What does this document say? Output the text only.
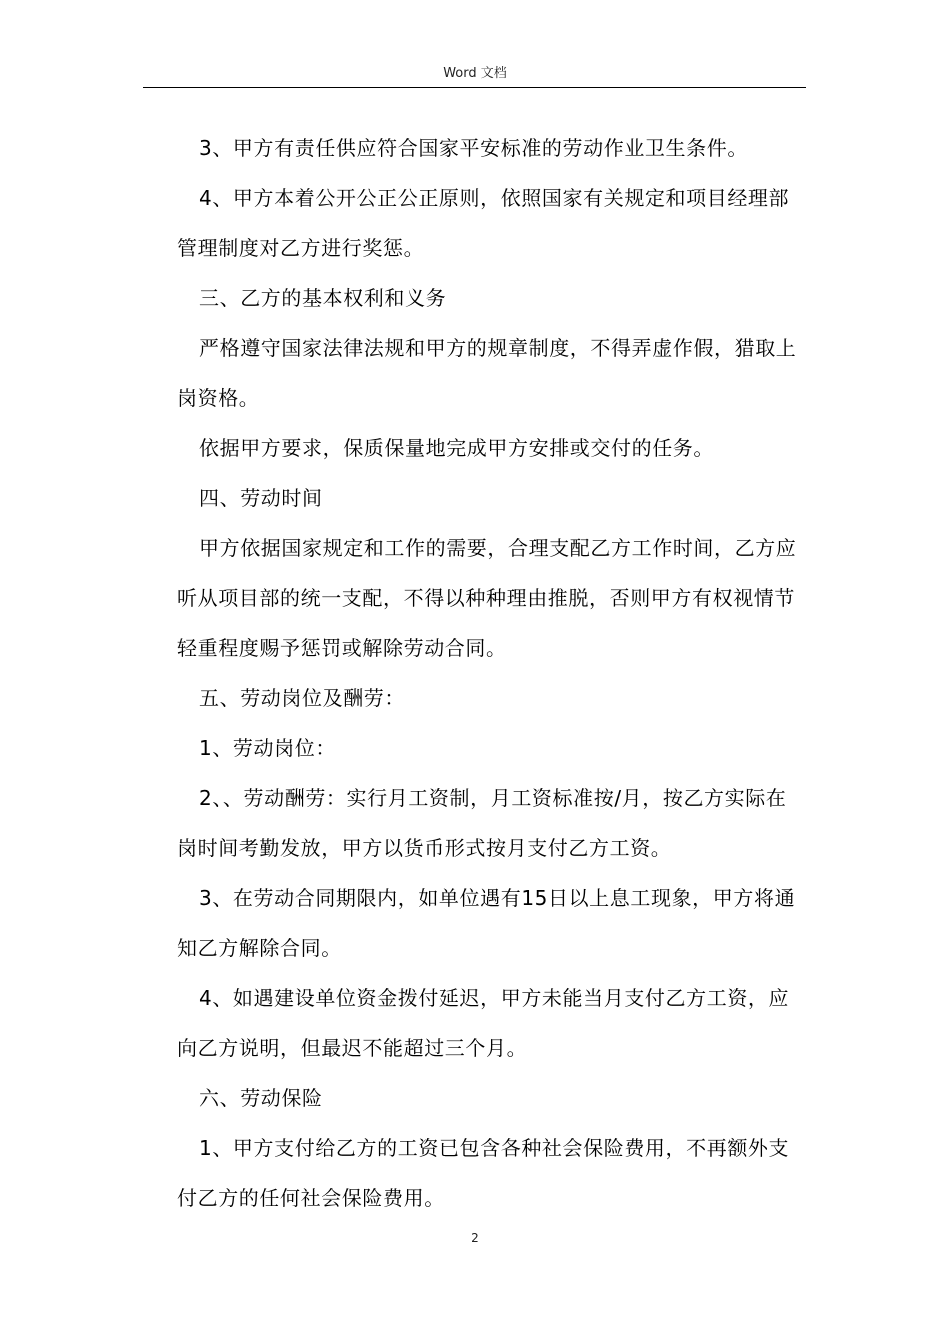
Word 文档

3、甲方有责任供应符合国家平安标准的劳动作业卫生条件。

4、甲方本着公开公正公正原则，依照国家有关规定和项目经理部管理制度对乙方进行奖惩。

三、乙方的基本权利和义务

严格遵守国家法律法规和甲方的规章制度，不得弄虚作假，猎取上岗资格。

依据甲方要求，保质保量地完成甲方安排或交付的任务。

四、劳动时间

甲方依据国家规定和工作的需要，合理支配乙方工作时间，乙方应听从项目部的统一支配，不得以种种理由推脱，否则甲方有权视情节轻重程度赐予惩罚或解除劳动合同。

五、劳动岗位及酬劳：

1、劳动岗位：

2、、劳动酬劳：实行月工资制，月工资标准按/月，按乙方实际在岗时间考勤发放，甲方以货币形式按月支付乙方工资。

3、在劳动合同期限内，如单位遇有15日以上息工现象，甲方将通知乙方解除合同。

4、如遇建设单位资金拨付延迟，甲方未能当月支付乙方工资，应向乙方说明，但最迟不能超过三个月。

六、劳动保险

1、甲方支付给乙方的工资已包含各种社会保险费用，不再额外支付乙方的任何社会保险费用。

2
